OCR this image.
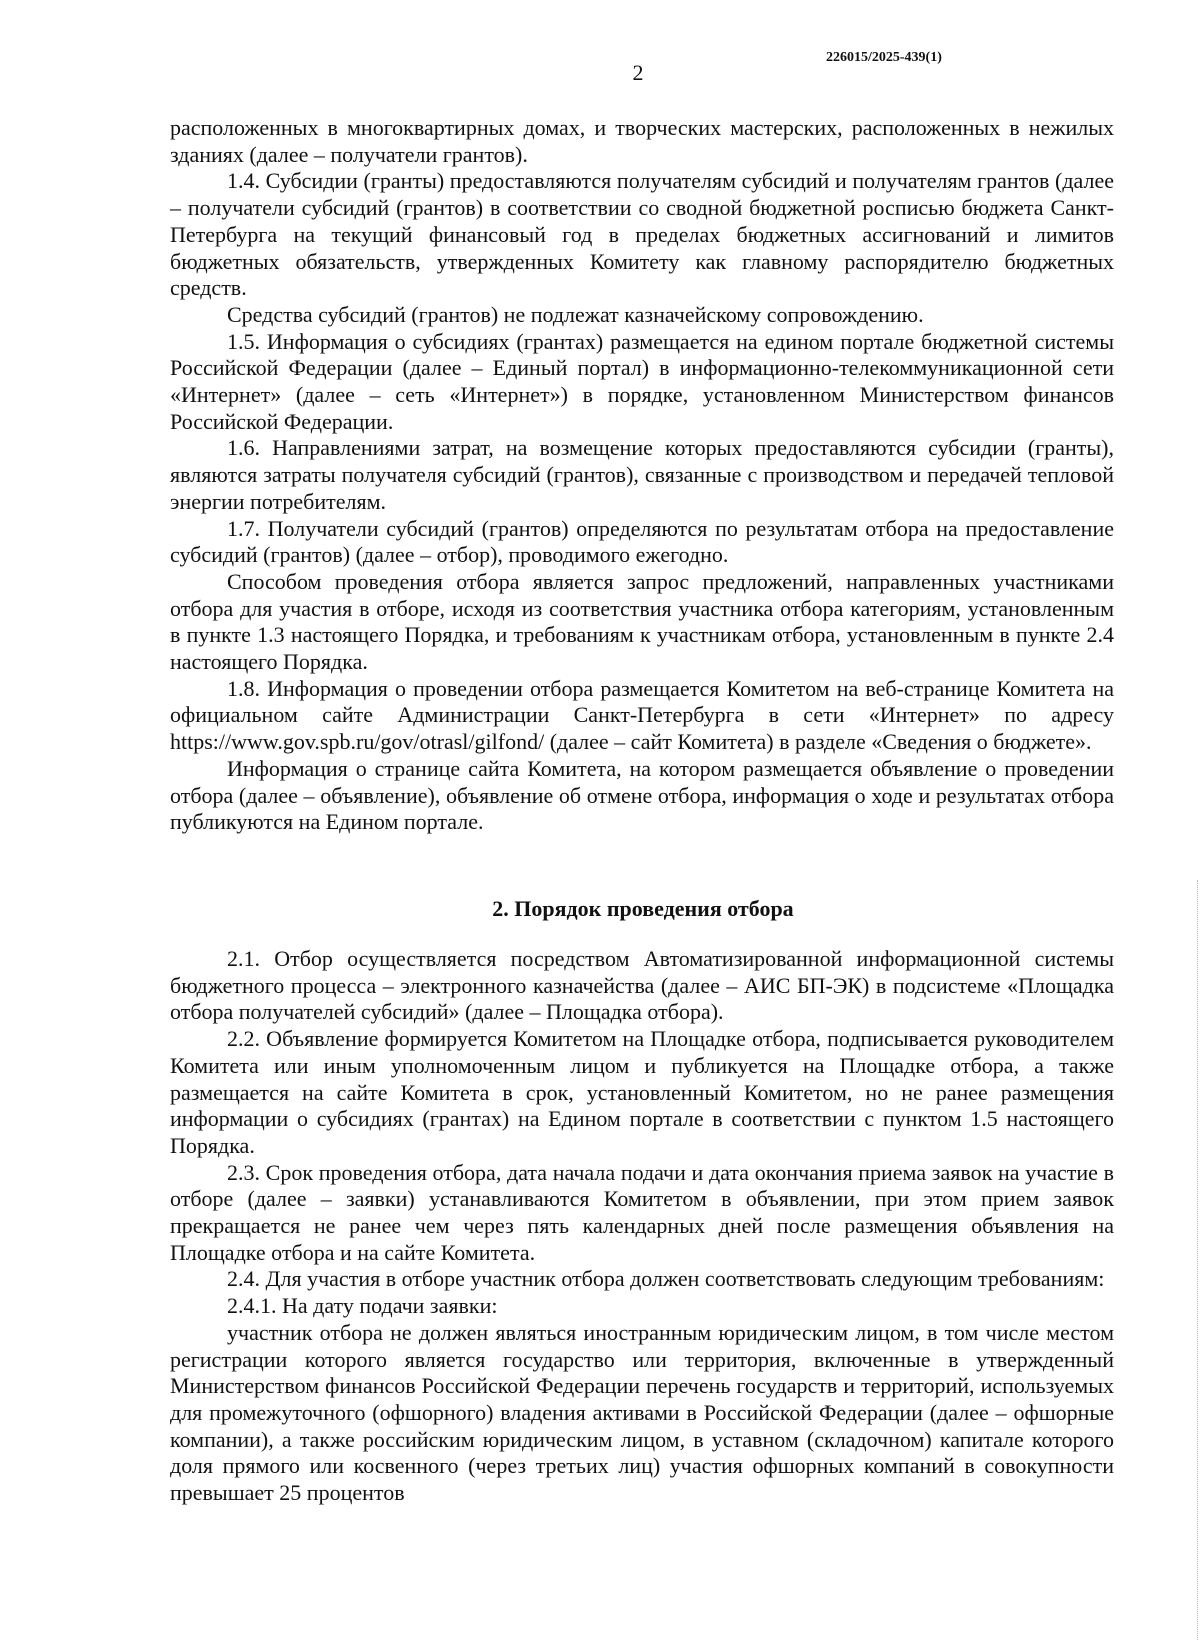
226015/2025-439(1)
2

расположенных в многоквартирных домах, и творческих мастерских, расположенных в нежилых зданиях (далее – получатели грантов).

1.4. Субсидии (гранты) предоставляются получателям субсидий и получателям грантов (далее – получатели субсидий (грантов) в соответствии со сводной бюджетной росписью бюджета Санкт-Петербурга на текущий финансовый год в пределах бюджетных ассигнований и лимитов бюджетных обязательств, утвержденных Комитету как главному распорядителю бюджетных средств.

Средства субсидий (грантов) не подлежат казначейскому сопровождению.

1.5. Информация о субсидиях (грантах) размещается на едином портале бюджетной системы Российской Федерации (далее – Единый портал) в информационно-телекоммуникационной сети «Интернет» (далее – сеть «Интернет») в порядке, установленном Министерством финансов Российской Федерации.

1.6. Направлениями затрат, на возмещение которых предоставляются субсидии (гранты), являются затраты получателя субсидий (грантов), связанные с производством и передачей тепловой энергии потребителям.

1.7. Получатели субсидий (грантов) определяются по результатам отбора на предоставление субсидий (грантов) (далее – отбор), проводимого ежегодно.

Способом проведения отбора является запрос предложений, направленных участниками отбора для участия в отборе, исходя из соответствия участника отбора категориям, установленным в пункте 1.3 настоящего Порядка, и требованиям к участникам отбора, установленным в пункте 2.4 настоящего Порядка.

1.8. Информация о проведении отбора размещается Комитетом на веб-странице Комитета на официальном сайте Администрации Санкт-Петербурга в сети «Интернет» по адресу https://www.gov.spb.ru/gov/otrasl/gilfond/ (далее – сайт Комитета) в разделе «Сведения о бюджете».

Информация о странице сайта Комитета, на котором размещается объявление о проведении отбора (далее – объявление), объявление об отмене отбора, информация о ходе и результатах отбора публикуются на Едином портале.

2. Порядок проведения отбора

2.1. Отбор осуществляется посредством Автоматизированной информационной системы бюджетного процесса – электронного казначейства (далее – АИС БП-ЭК) в подсистеме «Площадка отбора получателей субсидий» (далее – Площадка отбора).

2.2. Объявление формируется Комитетом на Площадке отбора, подписывается руководителем Комитета или иным уполномоченным лицом и публикуется на Площадке отбора, а также размещается на сайте Комитета в срок, установленный Комитетом, но не ранее размещения информации о субсидиях (грантах) на Едином портале в соответствии с пунктом 1.5 настоящего Порядка.

2.3. Срок проведения отбора, дата начала подачи и дата окончания приема заявок на участие в отборе (далее – заявки) устанавливаются Комитетом в объявлении, при этом прием заявок прекращается не ранее чем через пять календарных дней после размещения объявления на Площадке отбора и на сайте Комитета.

2.4. Для участия в отборе участник отбора должен соответствовать следующим требованиям:

2.4.1. На дату подачи заявки:

участник отбора не должен являться иностранным юридическим лицом, в том числе местом регистрации которого является государство или территория, включенные в утвержденный Министерством финансов Российской Федерации перечень государств и территорий, используемых для промежуточного (офшорного) владения активами в Российской Федерации (далее – офшорные компании), а также российским юридическим лицом, в уставном (складочном) капитале которого доля прямого или косвенного (через третьих лиц) участия офшорных компаний в совокупности превышает 25 процентов
